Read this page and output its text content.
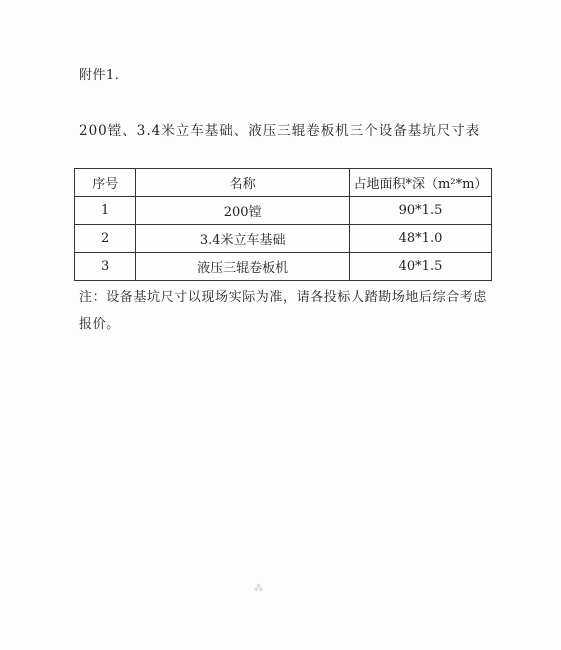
附件1.
200镗、3.4米立车基础、液压三辊卷板机三个设备基坑尺寸表
序号	名称	占地面积*深（m²*m）
1	200镗	90*1.5
2	3.4米立车基础	48*1.0
3	液压三辊卷板机	40*1.5
注：设备基坑尺寸以现场实际为准，请各投标人踏勘场地后综合考虑报价。
⁂
